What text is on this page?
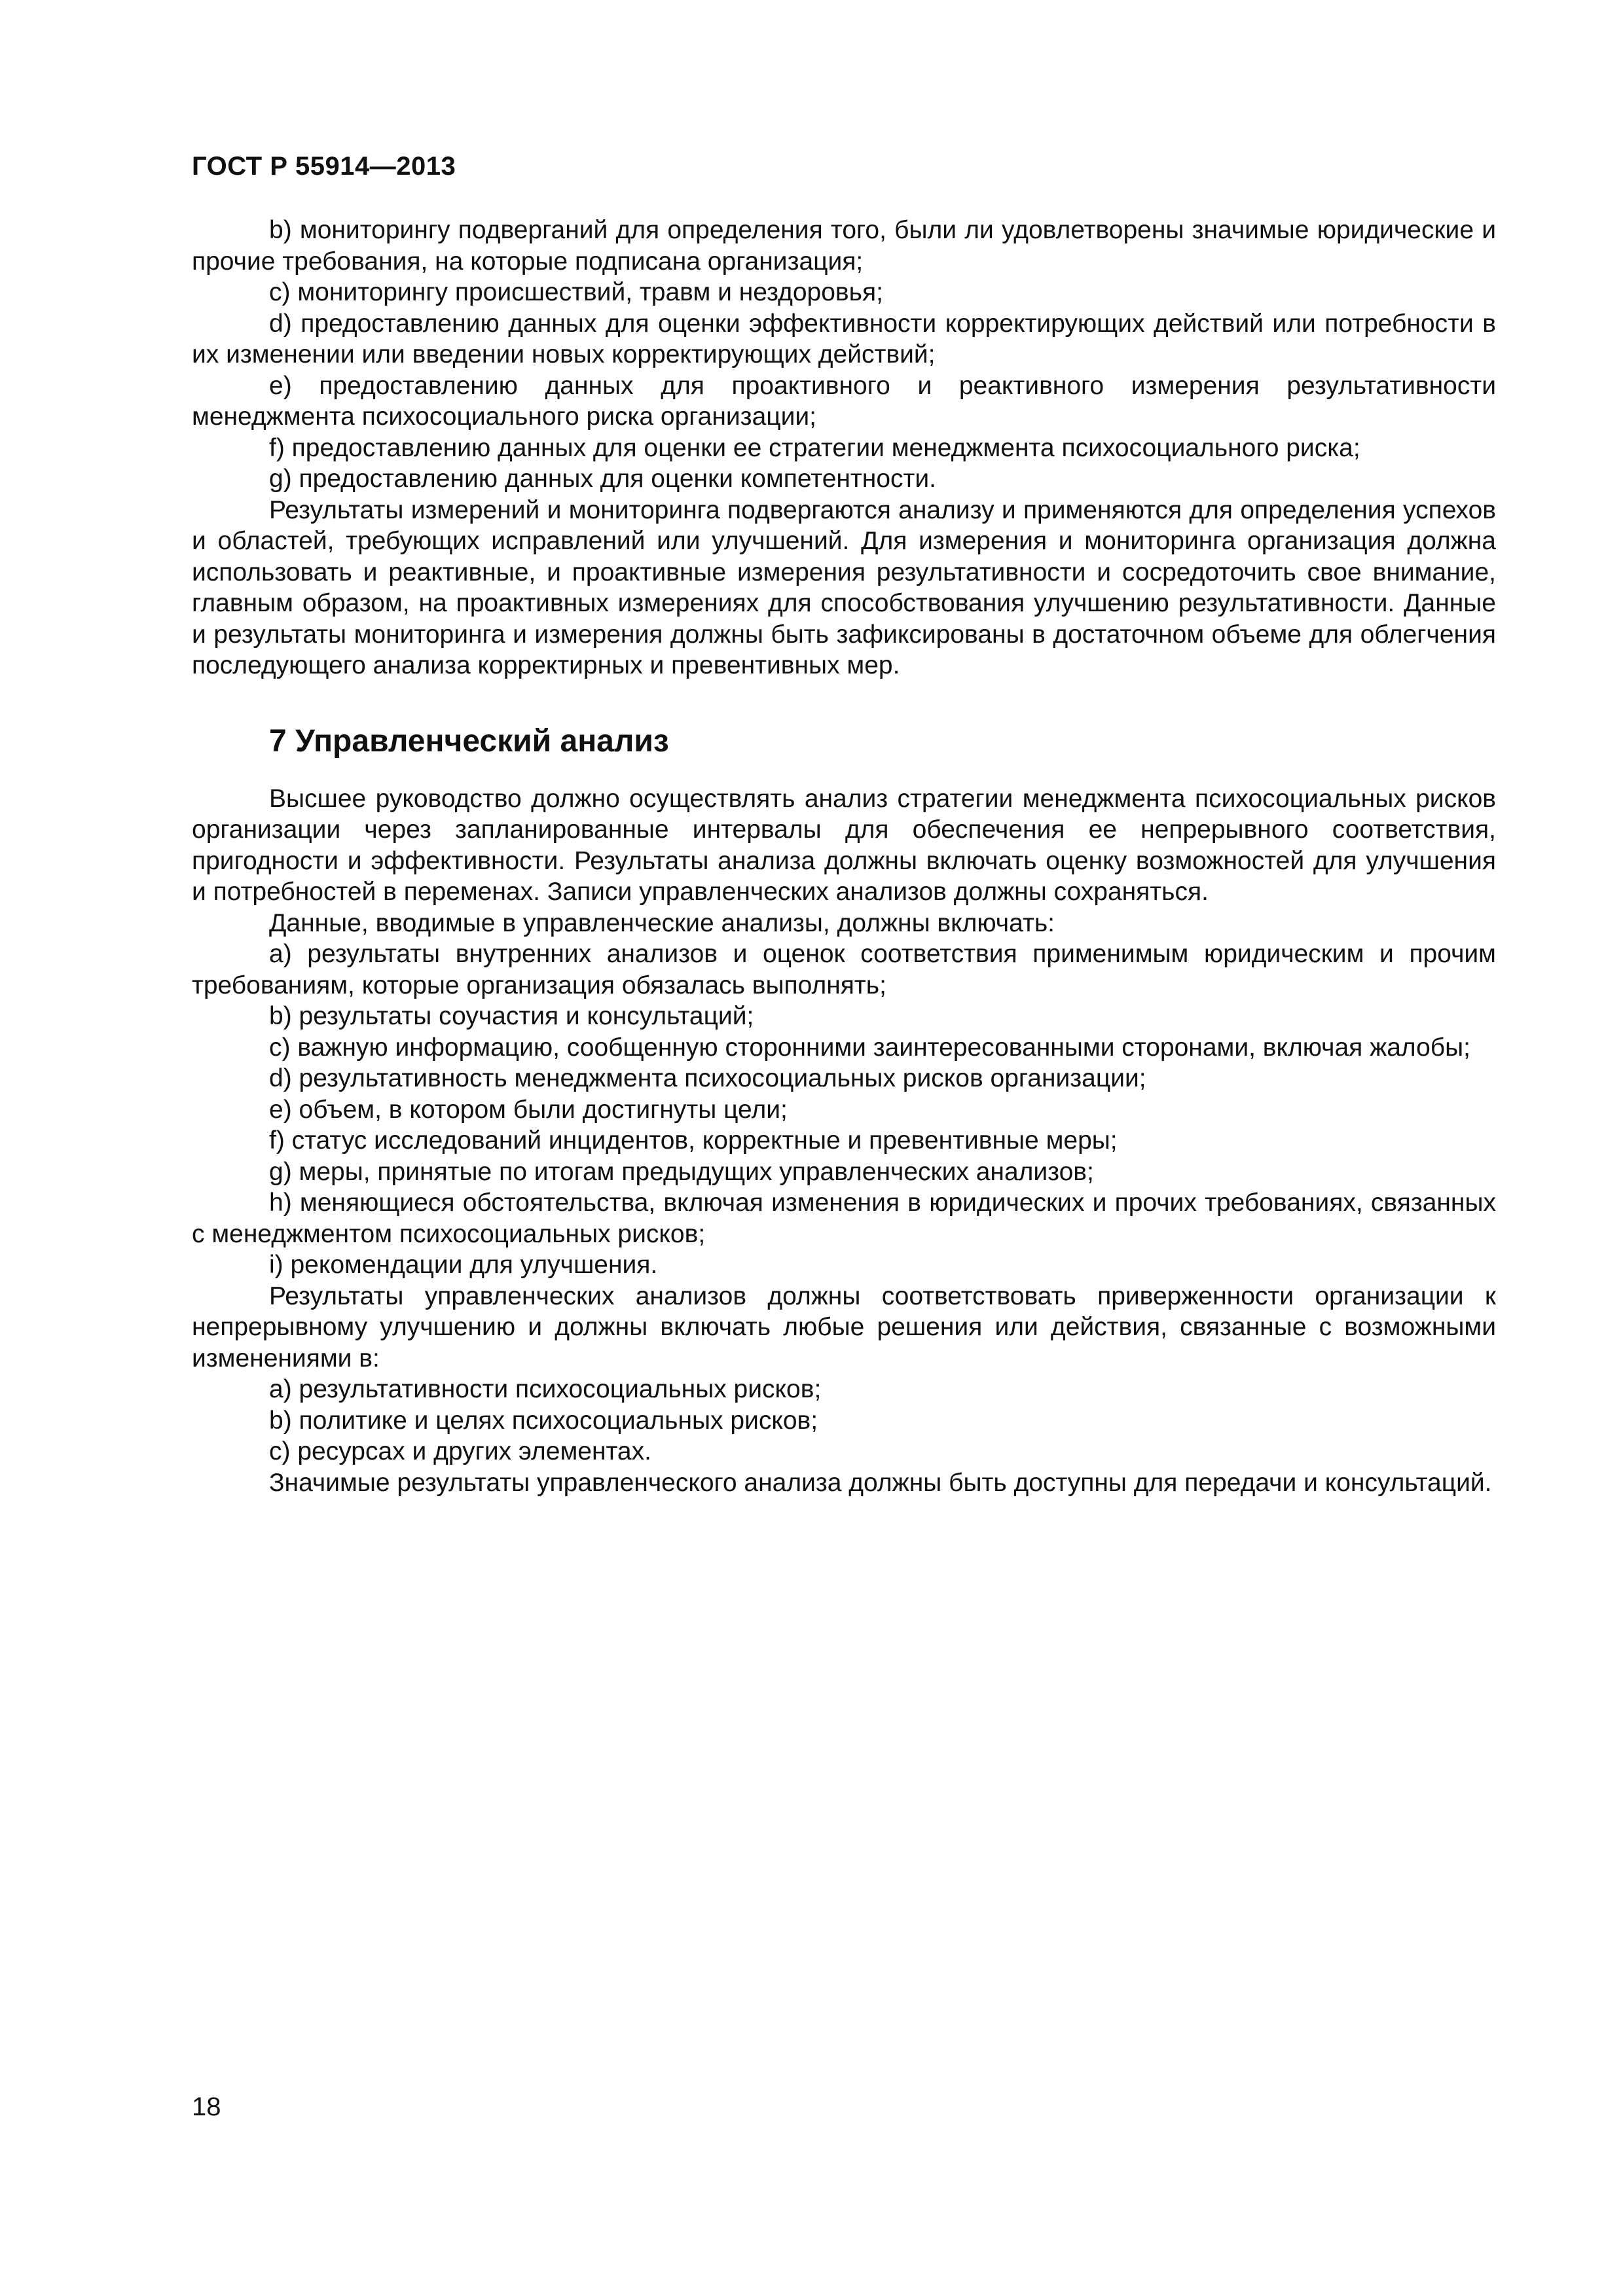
ГОСТ Р 55914—2013

b) мониторингу подверганий для определения того, были ли удовлетворены значимые юридические и прочие требования, на которые подписана организация;

c) мониторингу происшествий, травм и нездоровья;

d) предоставлению данных для оценки эффективности корректирующих действий или потребности в их изменении или введении новых корректирующих действий;

e) предоставлению данных для проактивного и реактивного измерения результативности менеджмента психосоциального риска организации;

f) предоставлению данных для оценки ее стратегии менеджмента психосоциального риска;

g) предоставлению данных для оценки компетентности.

Результаты измерений и мониторинга подвергаются анализу и применяются для определения успехов и областей, требующих исправлений или улучшений. Для измерения и мониторинга организация должна использовать и реактивные, и проактивные измерения результативности и сосредоточить свое внимание, главным образом, на проактивных измерениях для способствования улучшению результативности. Данные и результаты мониторинга и измерения должны быть зафиксированы в достаточном объеме для облегчения последующего анализа корректирных и превентивных мер.

7 Управленческий анализ

Высшее руководство должно осуществлять анализ стратегии менеджмента психосоциальных рисков организации через запланированные интервалы для обеспечения ее непрерывного соответствия, пригодности и эффективности. Результаты анализа должны включать оценку возможностей для улучшения и потребностей в переменах. Записи управленческих анализов должны сохраняться.

Данные, вводимые в управленческие анализы, должны включать:

a) результаты внутренних анализов и оценок соответствия применимым юридическим и прочим требованиям, которые организация обязалась выполнять;

b) результаты соучастия и консультаций;

c) важную информацию, сообщенную сторонними заинтересованными сторонами, включая жалобы;

d) результативность менеджмента психосоциальных рисков организации;

e) объем, в котором были достигнуты цели;

f) статус исследований инцидентов, корректные и превентивные меры;

g) меры, принятые по итогам предыдущих управленческих анализов;

h) меняющиеся обстоятельства, включая изменения в юридических и прочих требованиях, связанных с менеджментом психосоциальных рисков;

i) рекомендации для улучшения.

Результаты управленческих анализов должны соответствовать приверженности организации к непрерывному улучшению и должны включать любые решения или действия, связанные с возможными изменениями в:

a) результативности психосоциальных рисков;

b) политике и целях психосоциальных рисков;

c) ресурсах и других элементах.

Значимые результаты управленческого анализа должны быть доступны для передачи и консультаций.

18
